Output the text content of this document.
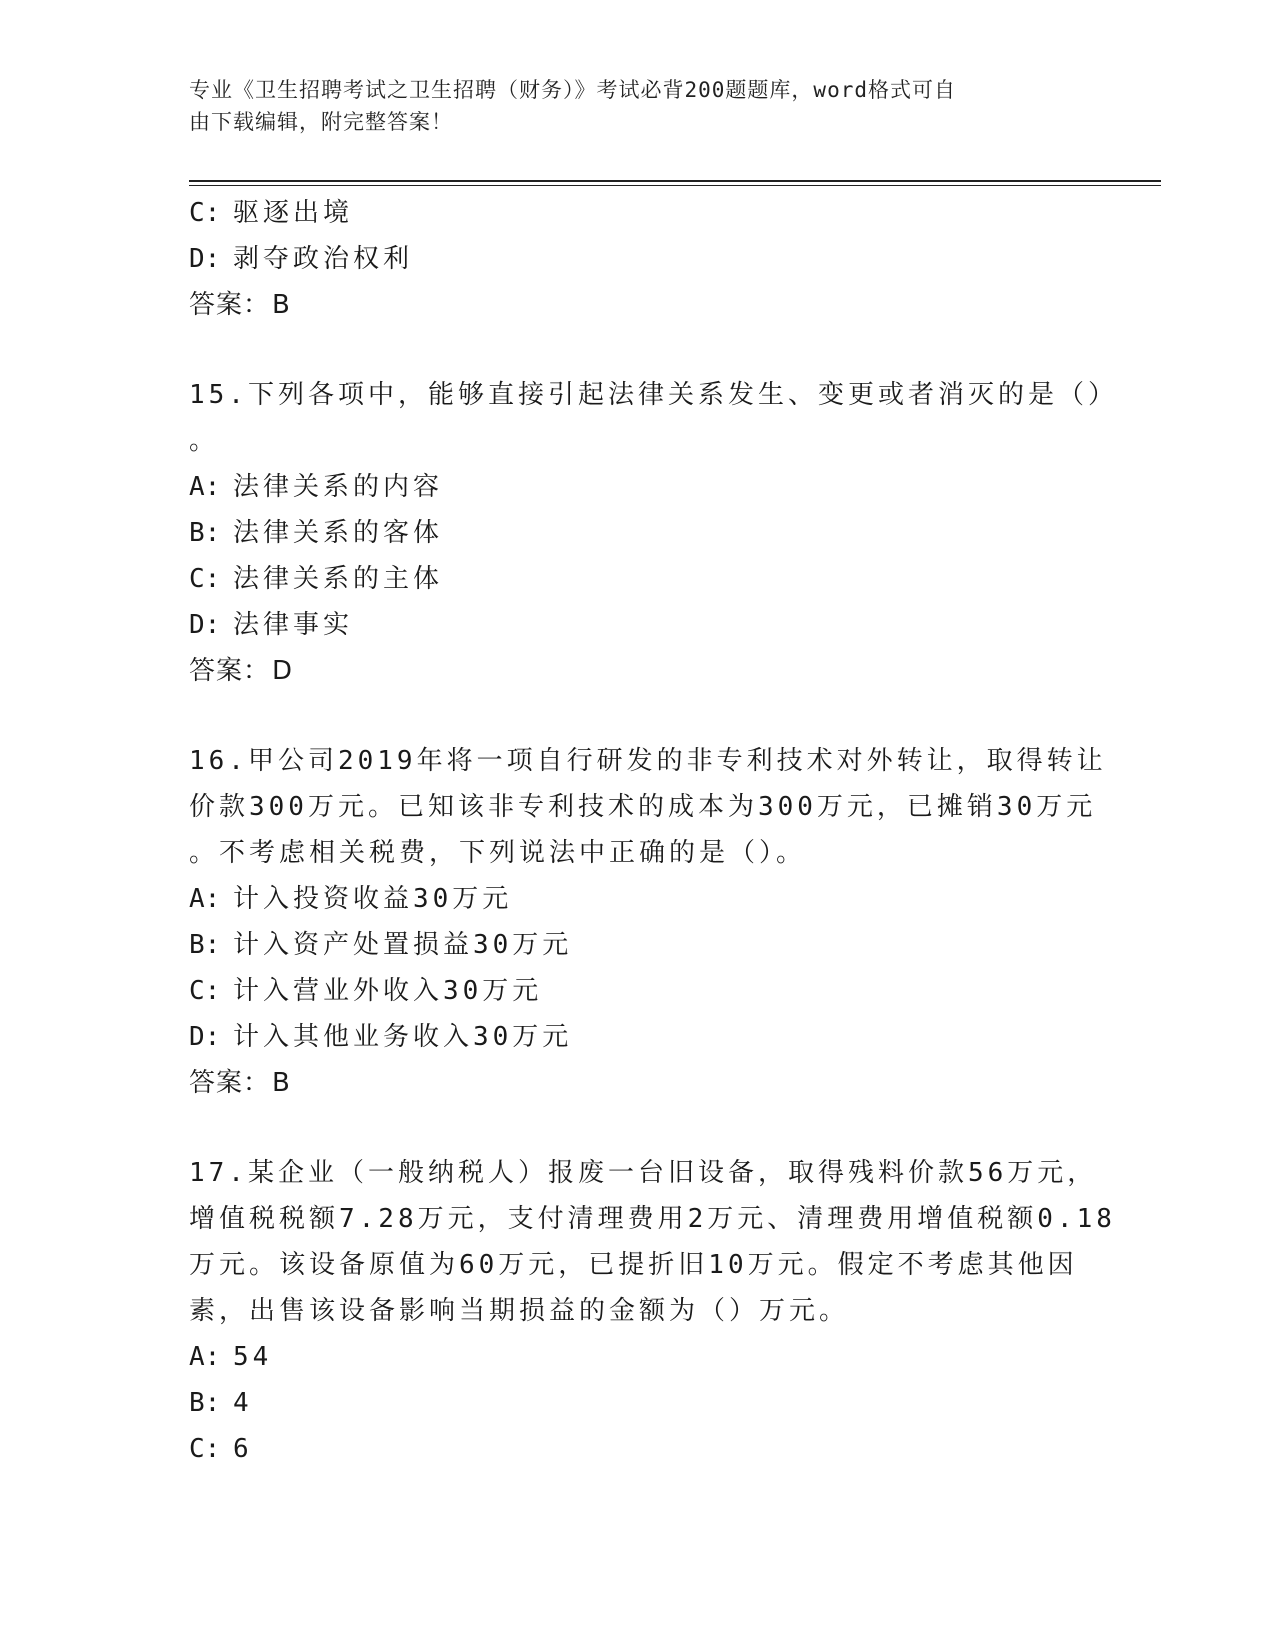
专业《卫生招聘考试之卫生招聘（财务）》考试必背200题题库，word格式可自
由下载编辑，附完整答案！
C: 驱逐出境
D: 剥夺政治权利
答案：B
15.下列各项中，能够直接引起法律关系发生、变更或者消灭的是（）
。
A: 法律关系的内容
B: 法律关系的客体
C: 法律关系的主体
D: 法律事实
答案：D
16.甲公司2019年将一项自行研发的非专利技术对外转让，取得转让
价款300万元。已知该非专利技术的成本为300万元，已摊销30万元
。不考虑相关税费，下列说法中正确的是（）。
A: 计入投资收益30万元
B: 计入资产处置损益30万元
C: 计入营业外收入30万元
D: 计入其他业务收入30万元
答案：B
17.某企业（一般纳税人）报废一台旧设备，取得残料价款56万元，
增值税税额7.28万元，支付清理费用2万元、清理费用增值税额0.18
万元。该设备原值为60万元，已提折旧10万元。假定不考虑其他因
素，出售该设备影响当期损益的金额为（）万元。
A: 54
B: 4
C: 6
